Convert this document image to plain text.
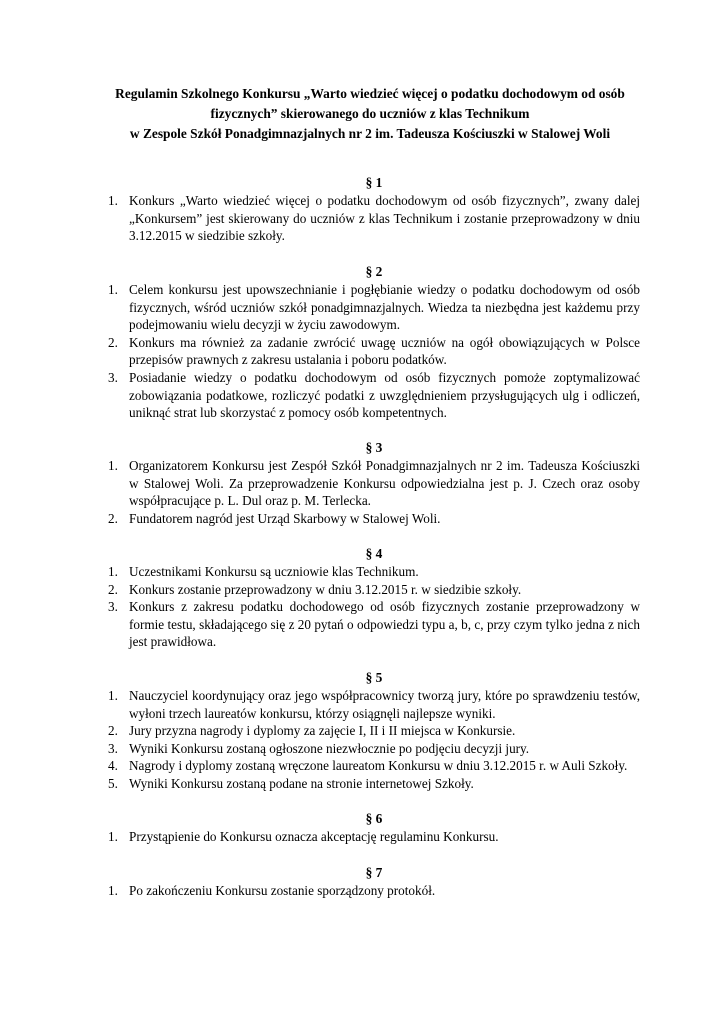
Regulamin Szkolnego Konkursu „Warto wiedzieć więcej o podatku dochodowym od osób
fizycznych” skierowanego do uczniów z klas Technikum
w Zespole Szkół Ponadgimnazjalnych nr 2 im. Tadeusza Kościuszki w Stalowej Woli
§ 1
1. Konkurs „Warto wiedzieć więcej o podatku dochodowym od osób fizycznych”, zwany dalej „Konkursem” jest skierowany do uczniów z klas Technikum i zostanie przeprowadzony w dniu 3.12.2015 w siedzibie szkoły.
§ 2
1. Celem konkursu jest upowszechnianie i pogłębianie wiedzy o podatku dochodowym od osób fizycznych, wśród uczniów szkół ponadgimnazjalnych. Wiedza ta niezbędna jest każdemu przy podejmowaniu wielu decyzji w życiu zawodowym.
2. Konkurs ma również za zadanie zwrócić uwagę uczniów na ogół obowiązujących w Polsce przepisów prawnych z zakresu ustalania i poboru podatków.
3. Posiadanie wiedzy o podatku dochodowym od osób fizycznych pomoże zoptymalizować zobowiązania podatkowe, rozliczyć podatki z uwzględnieniem przysługujących ulg i odliczeń, uniknąć strat lub skorzystać z pomocy osób kompetentnych.
§ 3
1. Organizatorem Konkursu jest Zespół Szkół Ponadgimnazjalnych nr 2 im. Tadeusza Kościuszki w Stalowej Woli. Za przeprowadzenie Konkursu odpowiedzialna jest p. J. Czech oraz osoby współpracujące p. L. Dul oraz p. M. Terlecka.
2. Fundatorem nagród jest Urząd Skarbowy w Stalowej Woli.
§ 4
1. Uczestnikami Konkursu są uczniowie klas Technikum.
2. Konkurs zostanie przeprowadzony w dniu 3.12.2015 r. w siedzibie szkoły.
3. Konkurs z zakresu podatku dochodowego od osób fizycznych zostanie przeprowadzony w formie testu, składającego się z 20 pytań o odpowiedzi typu a, b, c, przy czym tylko jedna z nich jest prawidłowa.
§ 5
1. Nauczyciel koordynujący oraz jego współpracownicy tworzą jury, które po sprawdzeniu testów, wyłoni trzech laureatów konkursu, którzy osiągnęli najlepsze wyniki.
2. Jury przyzna nagrody i dyplomy za zajęcie I, II i II miejsca w Konkursie.
3. Wyniki Konkursu zostaną ogłoszone niezwłocznie po podjęciu decyzji jury.
4. Nagrody i dyplomy zostaną wręczone laureatom Konkursu w dniu 3.12.2015 r. w Auli Szkoły.
5. Wyniki Konkursu zostaną podane na stronie internetowej Szkoły.
§ 6
1. Przystąpienie do Konkursu oznacza akceptację regulaminu Konkursu.
§ 7
1. Po zakończeniu Konkursu zostanie sporządzony protokół.
